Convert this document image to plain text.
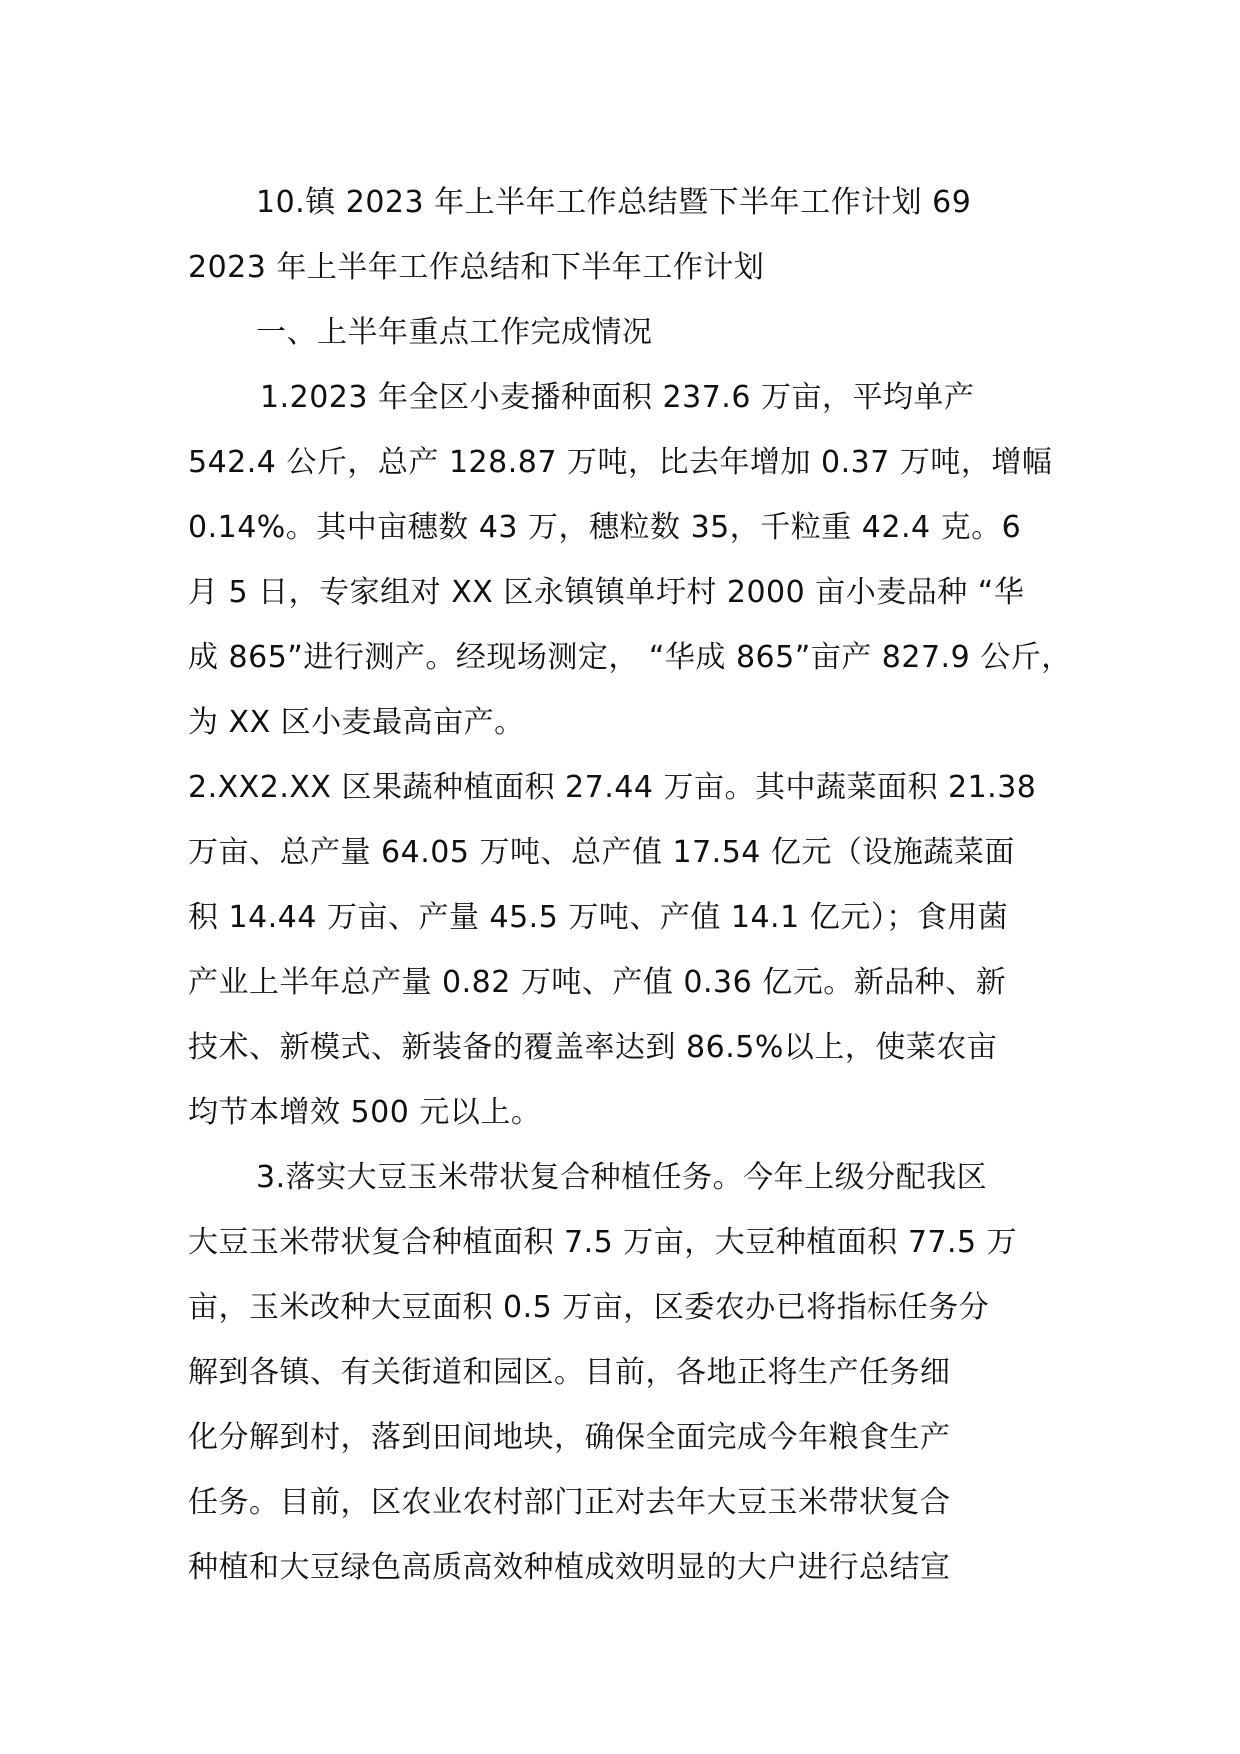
10.镇 2023 年上半年工作总结暨下半年工作计划 69
2023 年上半年工作总结和下半年工作计划
一、上半年重点工作完成情况
1.2023 年全区小麦播种面积 237.6 万亩，平均单产
542.4 公斤，总产 128.87 万吨，比去年增加 0.37 万吨，增幅
0.14%。其中亩穗数 43 万，穗粒数 35，千粒重 42.4 克。6
月 5 日，专家组对 XX 区永镇镇单圩村 2000 亩小麦品种 “华
成 865”进行测产。经现场测定， “华成 865”亩产 827.9 公斤，
为 XX 区小麦最高亩产。
2.XX2.XX 区果蔬种植面积 27.44 万亩。其中蔬菜面积 21.38
万亩、总产量 64.05 万吨、总产值 17.54 亿元（设施蔬菜面
积 14.44 万亩、产量 45.5 万吨、产值 14.1 亿元）；食用菌
产业上半年总产量 0.82 万吨、产值 0.36 亿元。新品种、新
技术、新模式、新装备的覆盖率达到 86.5%以上，使菜农亩
均节本增效 500 元以上。
3.落实大豆玉米带状复合种植任务。今年上级分配我区
大豆玉米带状复合种植面积 7.5 万亩，大豆种植面积 77.5 万
亩，玉米改种大豆面积 0.5 万亩，区委农办已将指标任务分
解到各镇、有关街道和园区。目前，各地正将生产任务细
化分解到村，落到田间地块，确保全面完成今年粮食生产
任务。目前，区农业农村部门正对去年大豆玉米带状复合
种植和大豆绿色高质高效种植成效明显的大户进行总结宣
